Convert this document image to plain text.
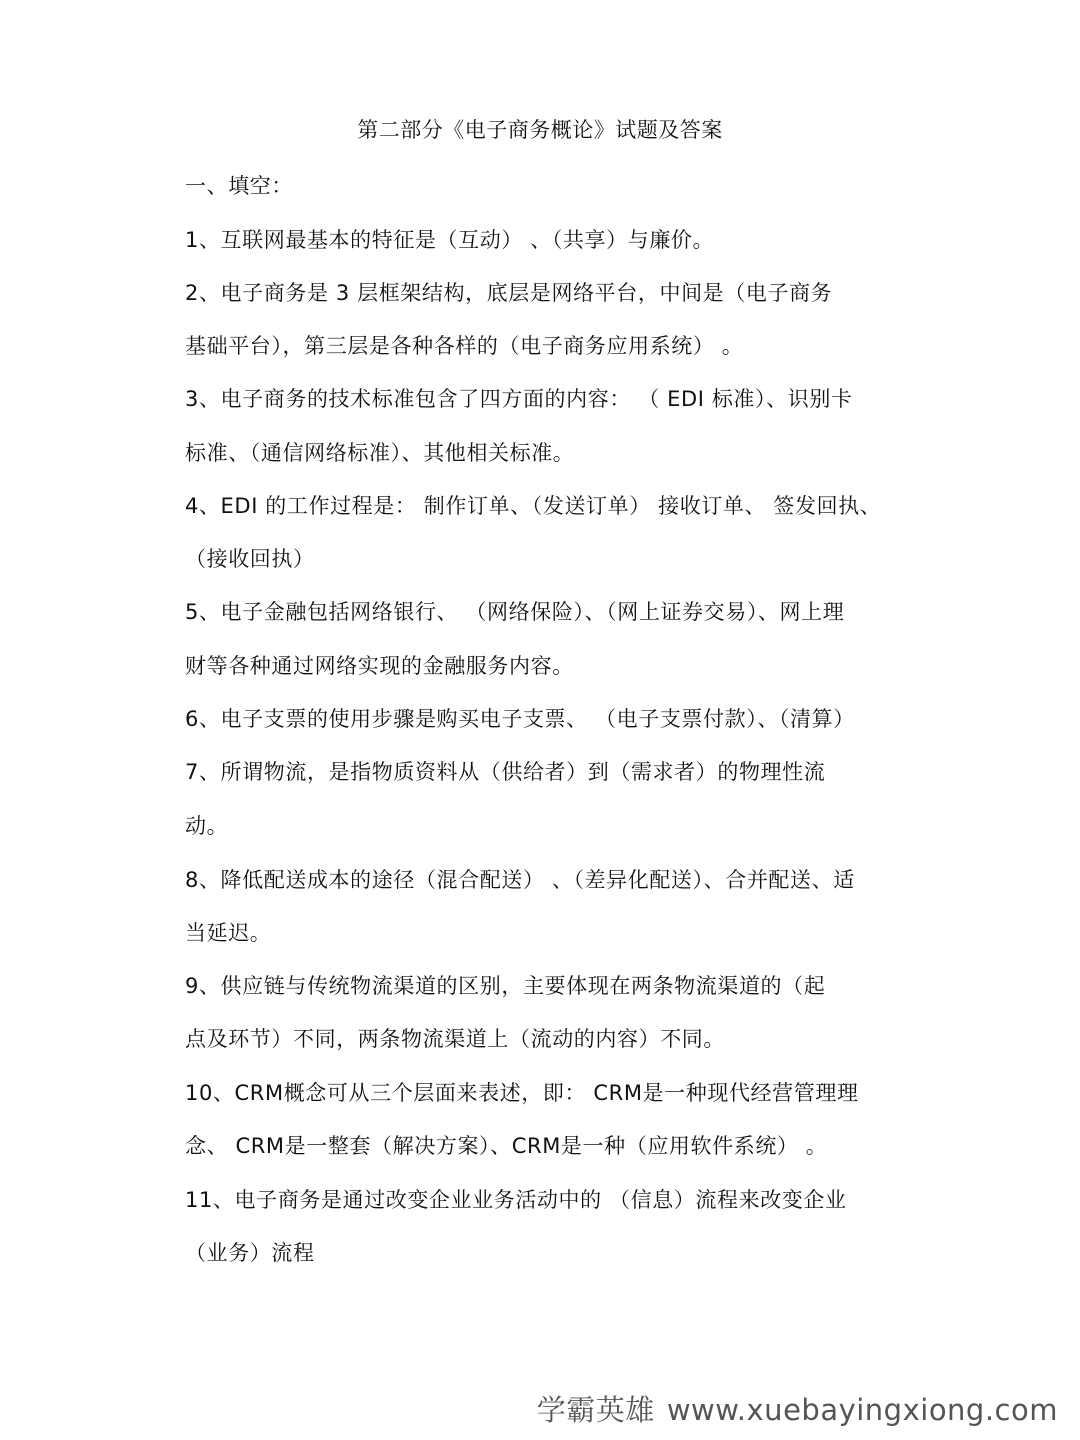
第二部分《电子商务概论》试题及答案
一、填空：
1、互联网最基本的特征是（互动） 、（共享）与廉价。
2、电子商务是 3 层框架结构，底层是网络平台，中间是（电子商务
基础平台），第三层是各种各样的（电子商务应用系统） 。
3、电子商务的技术标准包含了四方面的内容： （ EDI 标准）、识别卡
标准、（通信网络标准）、其他相关标准。
4、EDI 的工作过程是： 制作订单、（发送订单） 接收订单、 签发回执、
（接收回执）
5、电子金融包括网络银行、 （网络保险）、（网上证券交易）、网上理
财等各种通过网络实现的金融服务内容。
6、电子支票的使用步骤是购买电子支票、 （电子支票付款）、（清算）
7、所谓物流，是指物质资料从（供给者）到（需求者）的物理性流
动。
8、降低配送成本的途径（混合配送） 、（差异化配送）、合并配送、适
当延迟。
9、供应链与传统物流渠道的区别，主要体现在两条物流渠道的（起
点及环节）不同，两条物流渠道上（流动的内容）不同。
10、CRM概念可从三个层面来表述，即： CRM是一种现代经营管理理
念、 CRM是一整套（解决方案）、CRM是一种（应用软件系统） 。
11、电子商务是通过改变企业业务活动中的 （信息）流程来改变企业
（业务）流程
学霸英雄 www.xuebayingxiong.com
